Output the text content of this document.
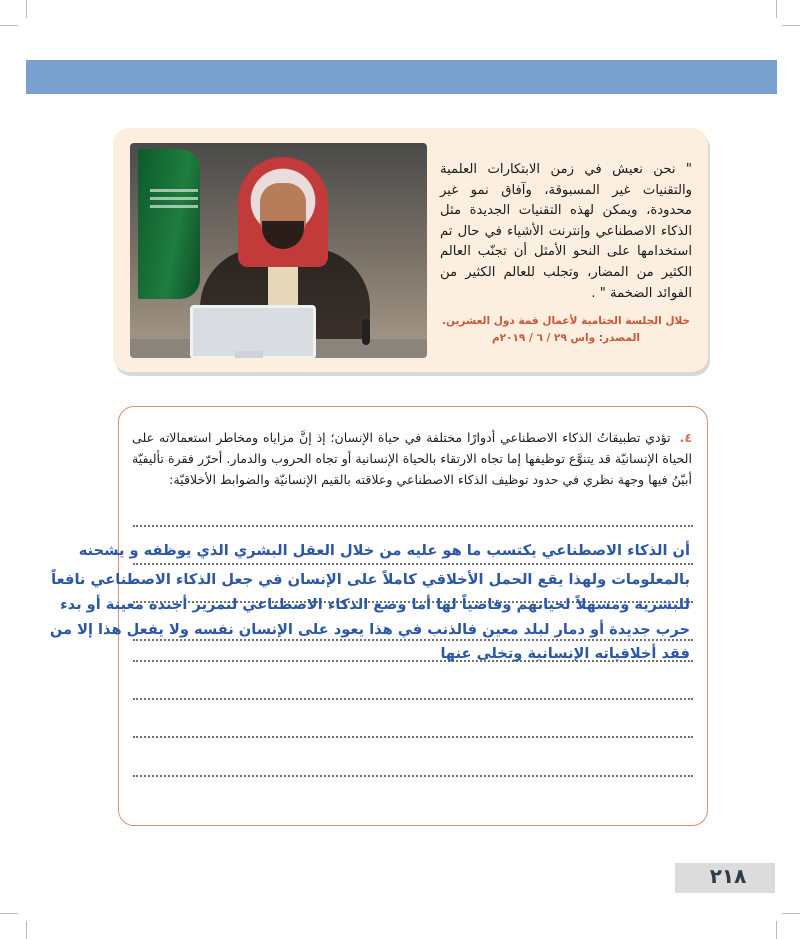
" نحن نعيش في زمن الابتكارات العلمية والتقنيات غير المسبوقة، وآفاق نمو غير محدودة، ويمكن لهذه التقنيات الجديدة مثل الذكاء الاصطناعي وإنترنت الأشياء في حال تم استخدامها على النحو الأمثل أن تجنّب العالم الكثير من المضار، وتجلب للعالم الكثير من الفوائد الضخمة " .
خلال الجلسة الختامية لأعمال قمة دول العشرين.
المصدر: واس ٢٩ / ٦ / ٢٠١٩م
٤. تؤدي تطبيقاتُ الذكاء الاصطناعي أدوارًا مختلفة في حياة الإنسان؛ إذ إنَّ مزاياه ومخاطر استعمالاته على الحياة الإنسانيّة قد يتنوَّع توظيفها إما تجاه الارتقاء بالحياة الإنسانية أو تجاه الحروب والدمار. أحرّر فقرة تأليفيّة أبيّنُ فيها وجهة نظري في حدود توظيف الذكاء الاصطناعي وعلاقته بالقيم الإنسانيّة والضوابط الأخلاقيّة:
أن الذكاء الاصطناعي يكتسب ما هو عليه من خلال العقل البشري الذي يوظفه و يشحنه
بالمعلومات ولهذا يقع الحمل الأخلاقي كاملاً على الإنسان في جعل الذكاء الاصطناعي نافعاً
للبشرية ومسهلاً لحياتهم وقاضياً لها أما وضع الذكاء الاصطناعي لتمرير أجندة معينة أو بدء
حرب جديدة أو دمار لبلد معين فالذنب في هذا يعود على الإنسان نفسه ولا يفعل هذا إلا من
فقد أخلاقياته الإنسانية وتخلى عنها
٢١٨
